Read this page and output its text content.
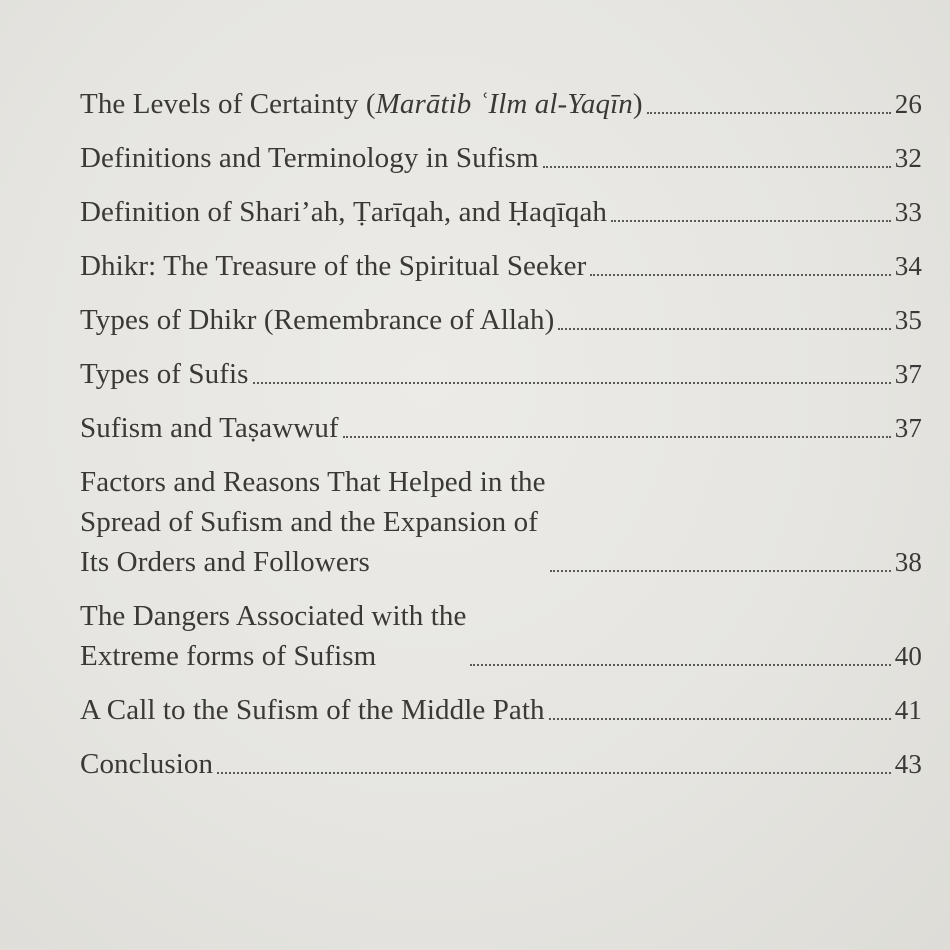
The Levels of Certainty (Marātib ʿIlm al-Yaqīn)	26
Definitions and Terminology in Sufism	32
Definition of Shari’ah, Ṭarīqah, and Ḥaqīqah	33
Dhikr: The Treasure of the Spiritual Seeker	34
Types of Dhikr (Remembrance of Allah)	35
Types of Sufis	37
Sufism and Taṣawwuf	37
Factors and Reasons That Helped in the
Spread of Sufism and the Expansion of
Its Orders and Followers	38
The Dangers Associated with the
Extreme forms of Sufism	40
A Call to the Sufism of the Middle Path	41
Conclusion	43
